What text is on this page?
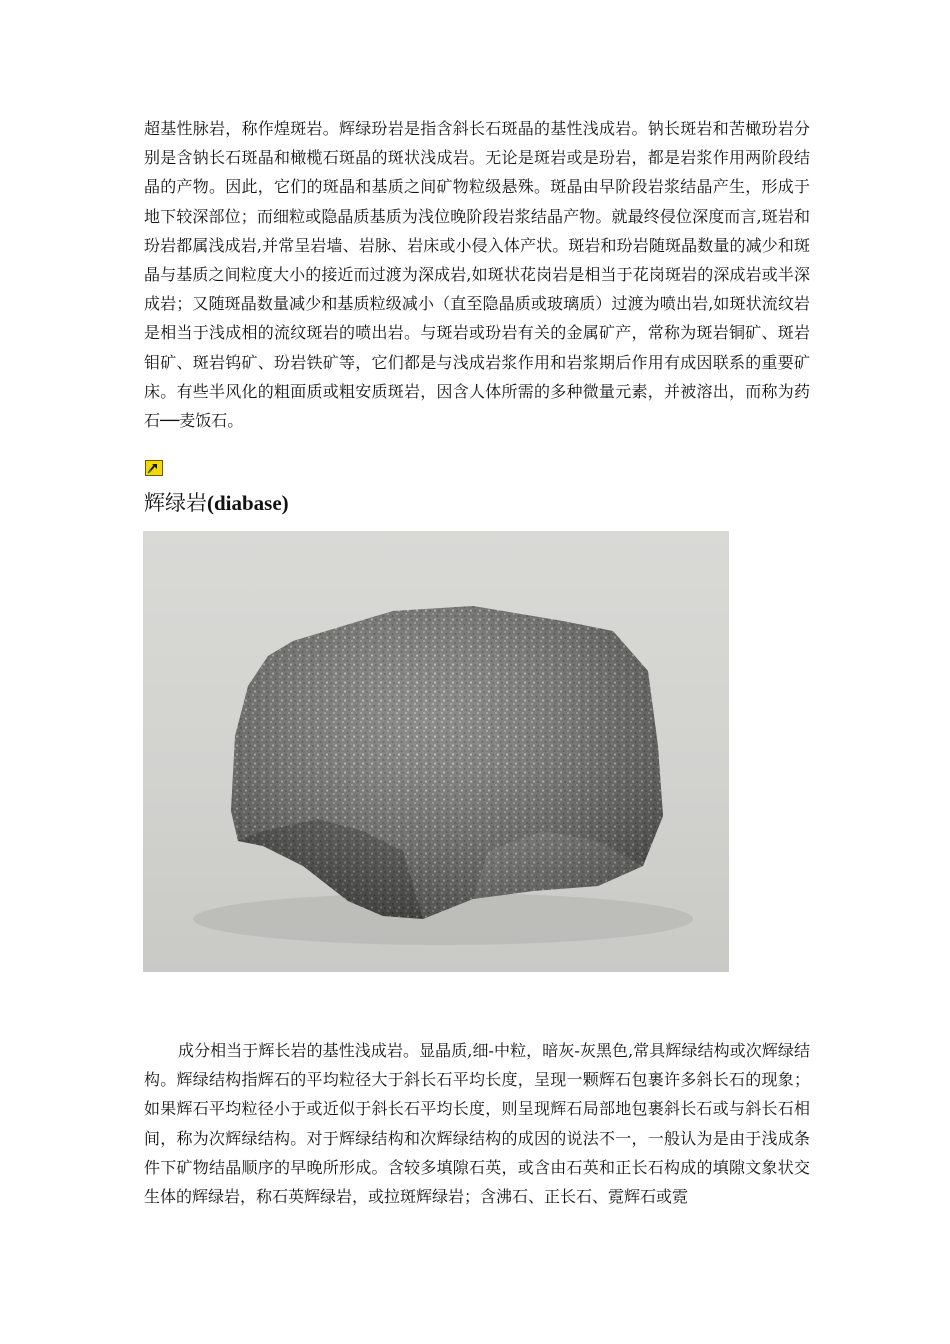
超基性脉岩，称作煌斑岩。辉绿玢岩是指含斜长石斑晶的基性浅成岩。钠长斑岩和苦橄玢岩分别是含钠长石斑晶和橄榄石斑晶的斑状浅成岩。无论是斑岩或是玢岩，都是岩浆作用两阶段结晶的产物。因此，它们的斑晶和基质之间矿物粒级悬殊。斑晶由早阶段岩浆结晶产生，形成于地下较深部位；而细粒或隐晶质基质为浅位晚阶段岩浆结晶产物。就最终侵位深度而言,斑岩和玢岩都属浅成岩,并常呈岩墙、岩脉、岩床或小侵入体产状。斑岩和玢岩随斑晶数量的减少和斑晶与基质之间粒度大小的接近而过渡为深成岩,如斑状花岗岩是相当于花岗斑岩的深成岩或半深成岩；又随斑晶数量减少和基质粒级减小（直至隐晶质或玻璃质）过渡为喷出岩,如斑状流纹岩是相当于浅成相的流纹斑岩的喷出岩。与斑岩或玢岩有关的金属矿产，常称为斑岩铜矿、斑岩钼矿、斑岩钨矿、玢岩铁矿等，它们都是与浅成岩浆作用和岩浆期后作用有成因联系的重要矿床。有些半风化的粗面质或粗安质斑岩，因含人体所需的多种微量元素，并被溶出，而称为药石──麦饭石。

辉绿岩(diabase)

成分相当于辉长岩的基性浅成岩。显晶质,细-中粒，暗灰-灰黑色,常具辉绿结构或次辉绿结构。辉绿结构指辉石的平均粒径大于斜长石平均长度，呈现一颗辉石包裹许多斜长石的现象；如果辉石平均粒径小于或近似于斜长石平均长度，则呈现辉石局部地包裹斜长石或与斜长石相间，称为次辉绿结构。对于辉绿结构和次辉绿结构的成因的说法不一，一般认为是由于浅成条件下矿物结晶顺序的早晚所形成。含较多填隙石英，或含由石英和正长石构成的填隙文象状交生体的辉绿岩，称石英辉绿岩，或拉斑辉绿岩；含沸石、正长石、霓辉石或霓
